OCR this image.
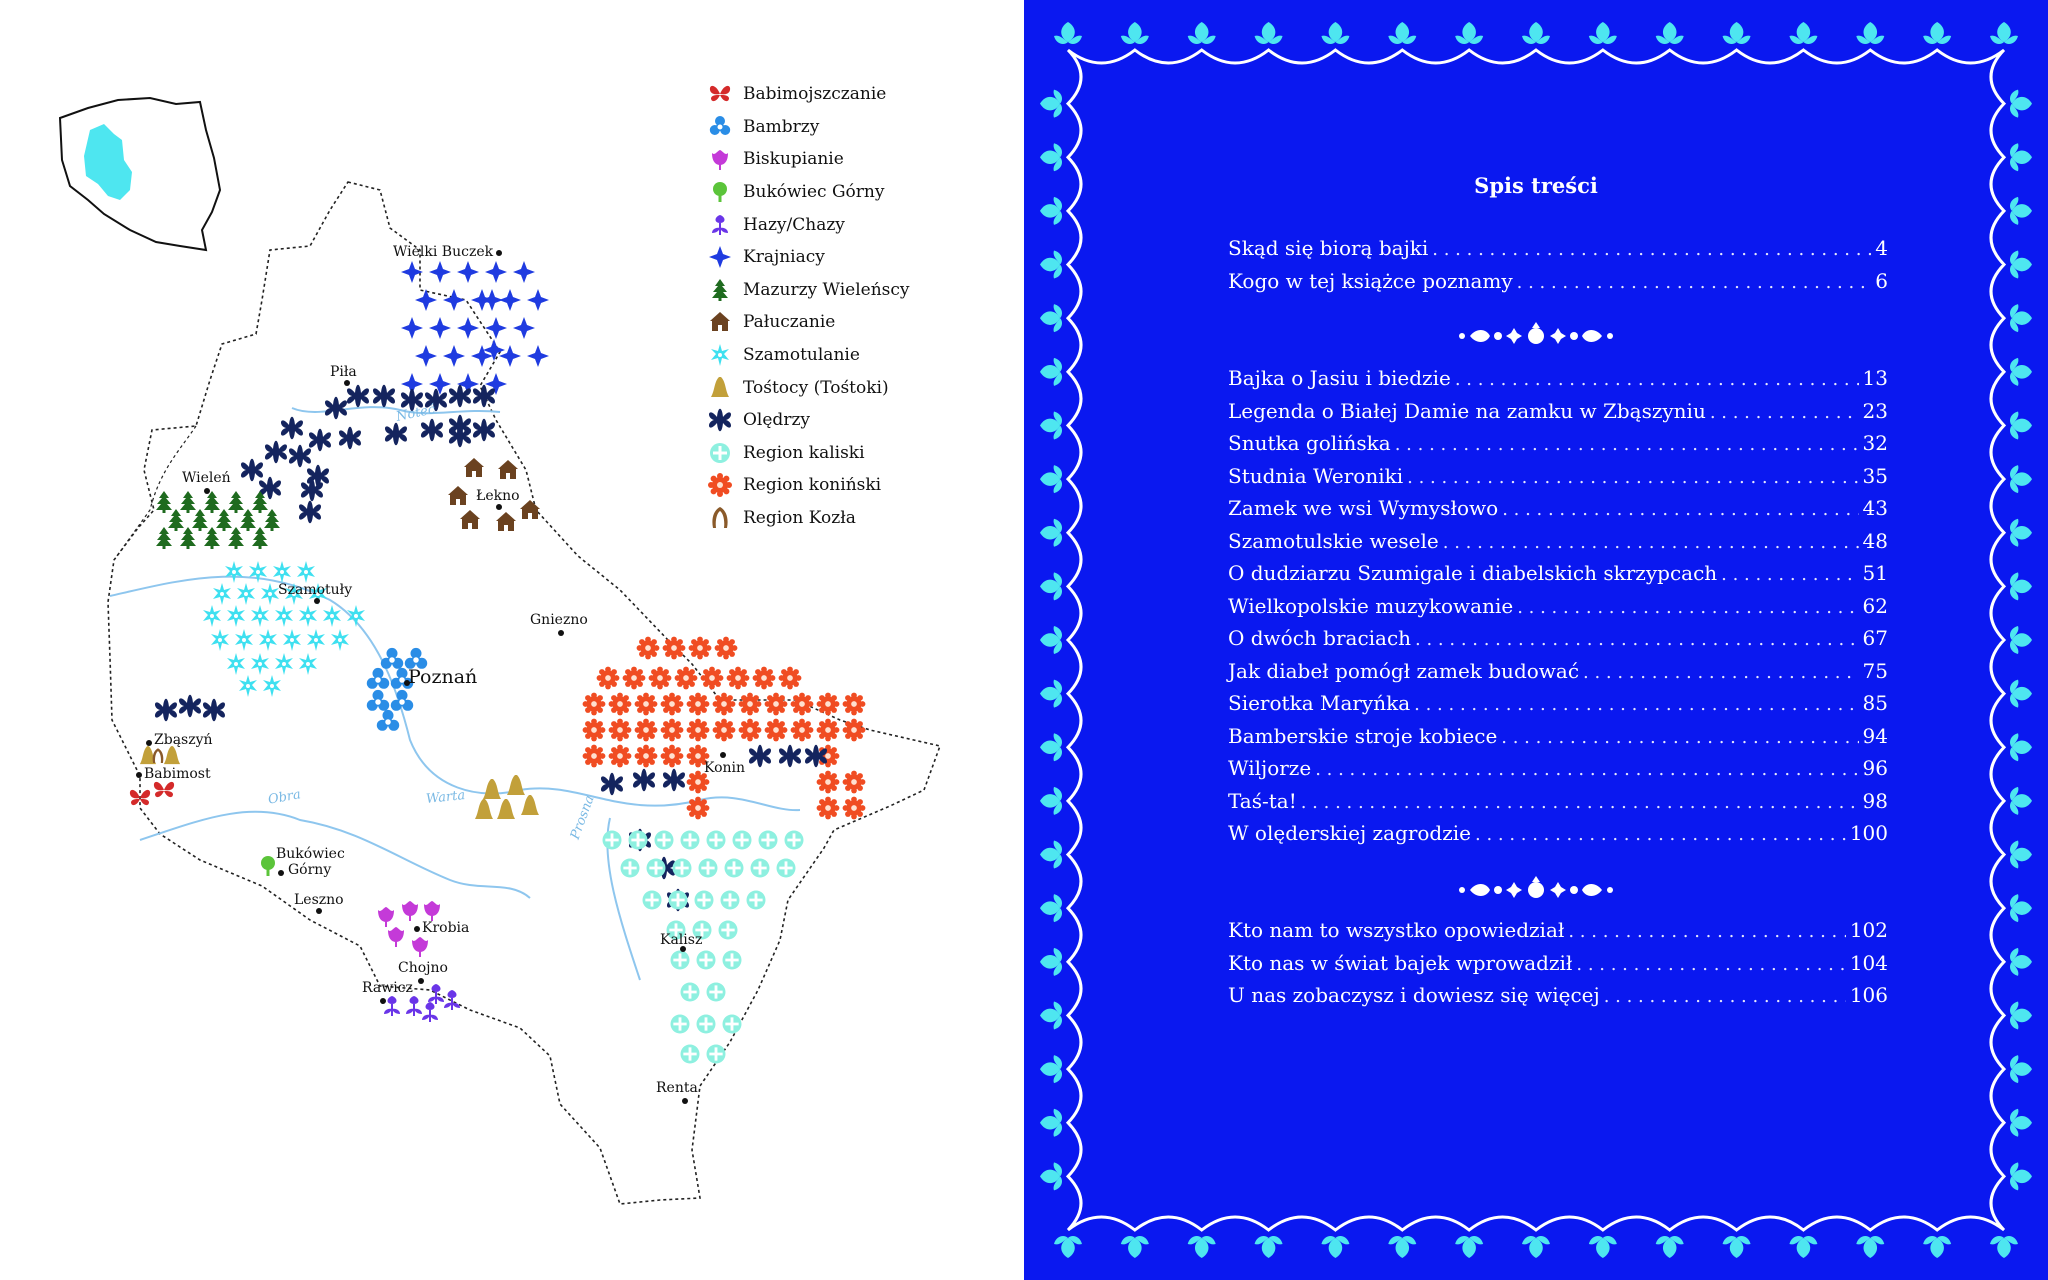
Wielki Buczek
Piła
Wieleń
Łekno
Szamotuły
Gniezno
Poznań
Konin
Zbąszyń
Babimost
Bukówiec
Górny
Leszno
Krobia
Chojno
Rawicz
Kalisz
Renta
Noteć
Warta
Obra	Prosna
Babimojszczanie
Bambrzy
Biskupianie
Bukówiec Górny
Hazy/Chazy
Krajniacy
Mazurzy Wieleńscy
Pałuczanie
Szamotulanie
Tośtocy (Tośtoki)
Olędrzy
Region kaliski
Region koniński
Region Kozła
Spis treści
Skąd się biorą bajki . . .	4
Kogo w tej książce poznamy . . .	6
Bajka o Jasiu i biedzie . . .	13
Legenda o Białej Damie na zamku w Zbąszyniu . . .	23
Snutka golińska . . .	32
Studnia Weroniki . . .	35
Zamek we wsi Wymysłowo . . .	43
Szamotulskie wesele . . .	48
O dudziarzu Szumigale i diabelskich skrzypcach . . .	51
Wielkopolskie muzykowanie . . .	62
O dwóch braciach . . .	67
Jak diabeł pomógł zamek budować . . .	75
Sierotka Maryńka . . .	85
Bamberskie stroje kobiece . . .	94
Wiljorze . . .	96
Taś-ta! . . .	98
W olęderskiej zagrodzie . . .	100
Kto nam to wszystko opowiedział . . .	102
Kto nas w świat bajek wprowadził . . .	104
U nas zobaczysz i dowiesz się więcej . . .	106
